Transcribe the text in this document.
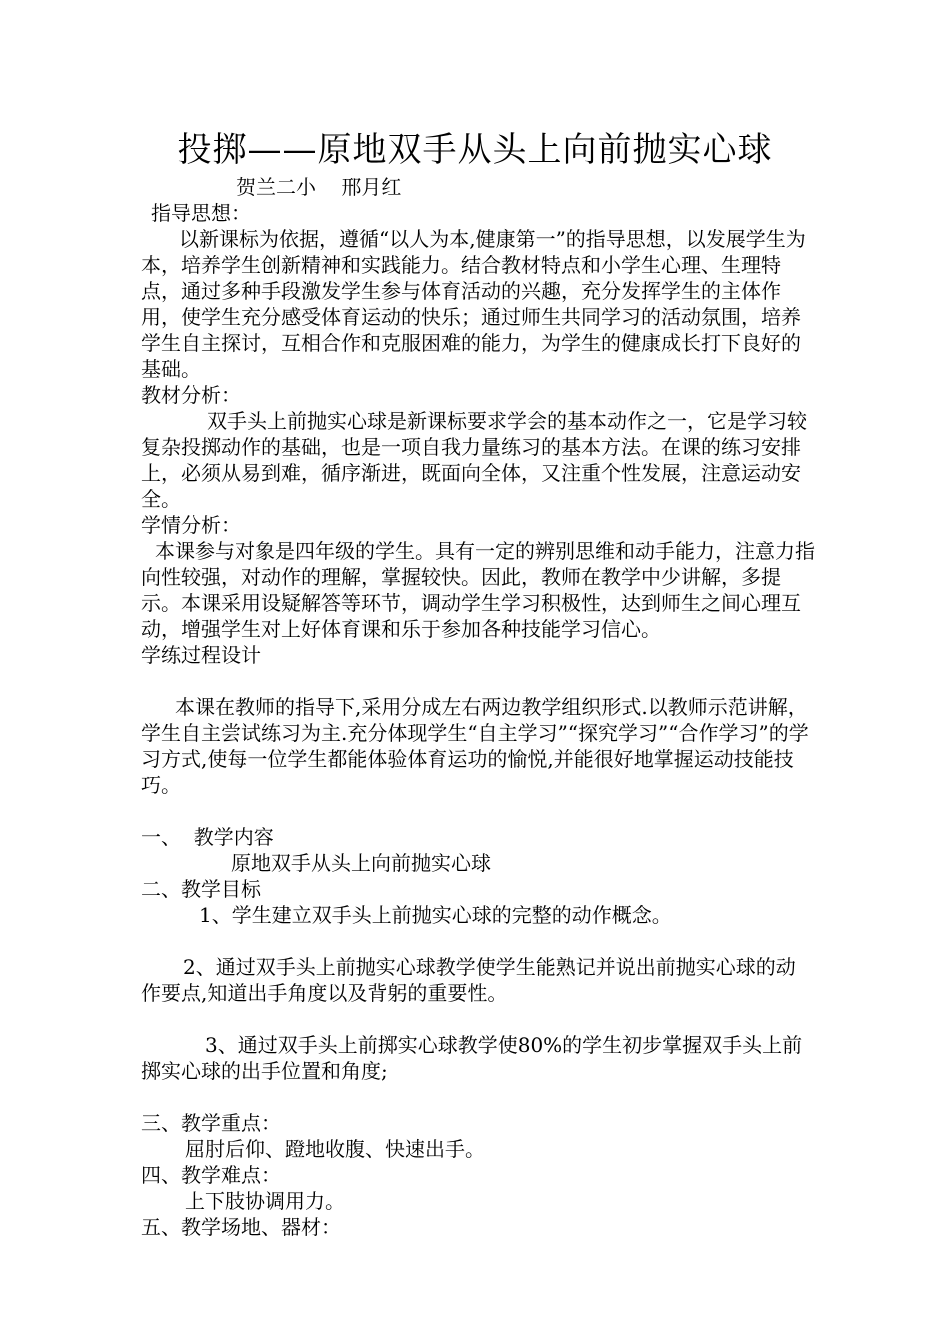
投掷——原地双手从头上向前抛实心球
贺兰二小    邢月红

指导思想：

以新课标为依据，遵循“以人为本,健康第一”的指导思想，以发展学生为本，培养学生创新精神和实践能力。结合教材特点和小学生心理、生理特点，通过多种手段激发学生参与体育活动的兴趣，充分发挥学生的主体作用，使学生充分感受体育运动的快乐；通过师生共同学习的活动氛围，培养学生自主探讨，互相合作和克服困难的能力，为学生的健康成长打下良好的基础。

教材分析：

双手头上前抛实心球是新课标要求学会的基本动作之一，它是学习较复杂投掷动作的基础，也是一项自我力量练习的基本方法。在课的练习安排上，必须从易到难，循序渐进，既面向全体，又注重个性发展，注意运动安全。

学情分析：

本课参与对象是四年级的学生。具有一定的辨别思维和动手能力，注意力指向性较强，对动作的理解，掌握较快。因此，教师在教学中少讲解，多提示。本课采用设疑解答等环节，调动学生学习积极性，达到师生之间心理互动，增强学生对上好体育课和乐于参加各种技能学习信心。

学练过程设计

本课在教师的指导下,采用分成左右两边教学组织形式.以教师示范讲解，学生自主尝试练习为主.充分体现学生“自主学习”“探究学习”“合作学习”的学习方式,使每一位学生都能体验体育运功的愉悦,并能很好地掌握运动技能技巧。

一、  教学内容

原地双手从头上向前抛实心球

二、教学目标

1、学生建立双手头上前抛实心球的完整的动作概念。

2、通过双手头上前抛实心球教学使学生能熟记并说出前抛实心球的动作要点,知道出手角度以及背躬的重要性。

3、通过双手头上前掷实心球教学使80%的学生初步掌握双手头上前掷实心球的出手位置和角度;

三、教学重点：

屈肘后仰、蹬地收腹、快速出手。

四、教学难点：

上下肢协调用力。

五、教学场地、器材：
